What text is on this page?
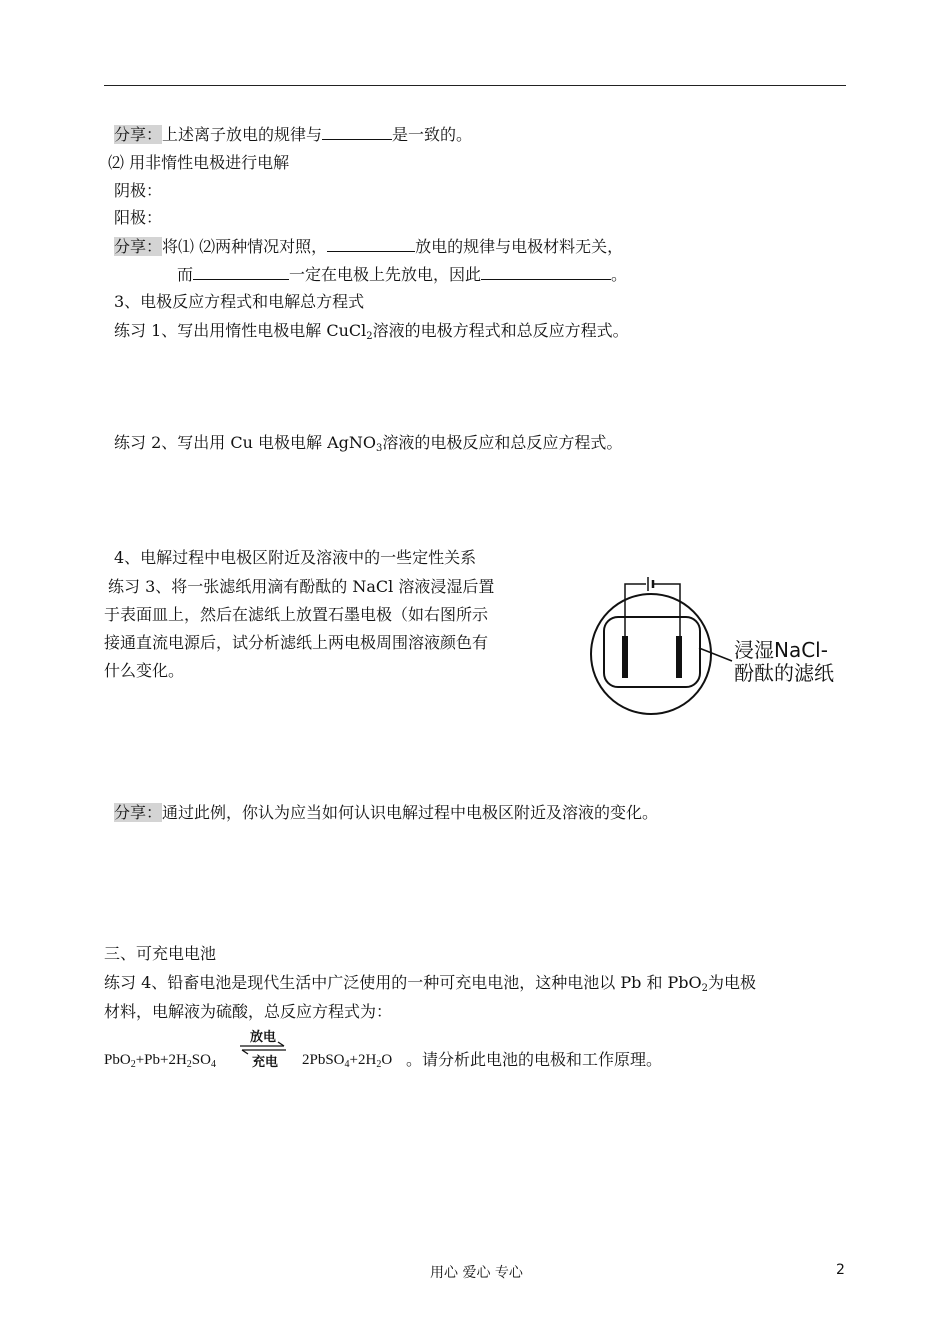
分享：上述离子放电的规律与	是一致的。
⑵ 用非惰性电极进行电解
阴极：
阳极：
分享：将⑴ ⑵两种情况对照，	放电的规律与电极材料无关，
而	一定在电极上先放电，因此	。
3、电极反应方程式和电解总方程式
练习 1、写出用惰性电极电解 CuCl$_2$溶液的电极方程式和总反应方程式。
练习 2、写出用 Cu 电极电解 AgNO$_3$溶液的电极反应和总反应方程式。
4、电解过程中电极区附近及溶液中的一些定性关系
练习 3、将一张滤纸用滴有酚酞的 NaCl 溶液浸湿后置
于表面皿上，然后在滤纸上放置石墨电极（如右图所示
接通直流电源后，试分析滤纸上两电极周围溶液颜色有
什么变化。
浸湿NaCl-
酚酞的滤纸
分享：通过此例，你认为应当如何认识电解过程中电极区附近及溶液的变化。
三、可充电电池
练习 4、铅畜电池是现代生活中广泛使用的一种可充电电池，这种电池以 Pb 和 PbO$_2$为电极
材料，电解液为硫酸，总反应方程式为：
$PbO_2+Pb+2H_2SO_4$
放电
充电 $2PbSO_4+2H_2O$ 。请分析此电池的电极和工作原理。
用心 爱心 专心	2
